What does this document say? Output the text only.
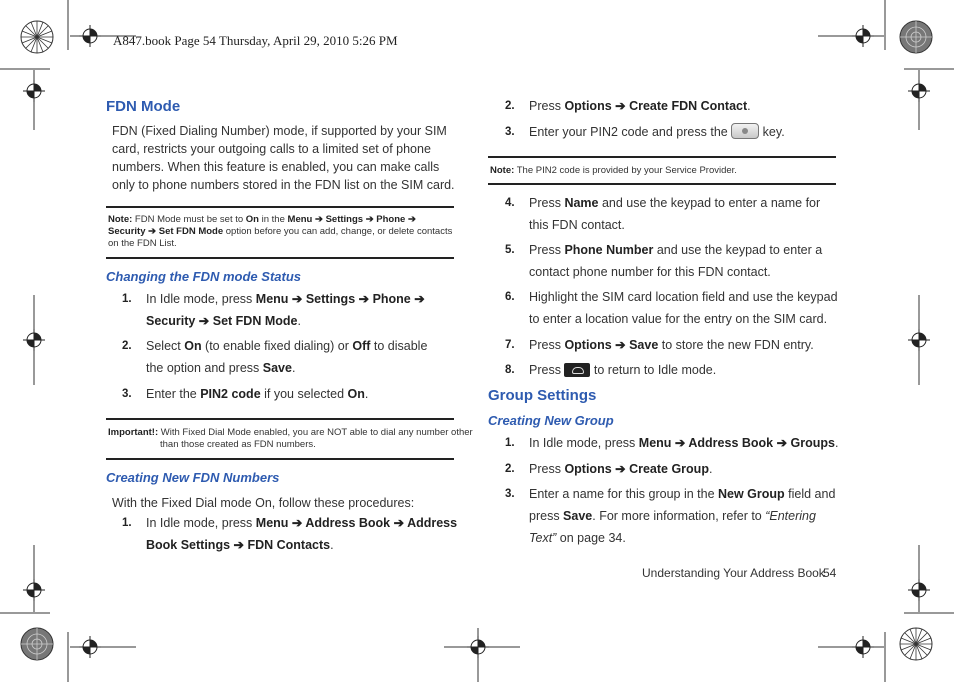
A847.book Page 54 Thursday, April 29, 2010 5:26 PM
FDN Mode
FDN (Fixed Dialing Number) mode, if supported by your SIM card, restricts your outgoing calls to a limited set of phone numbers. When this feature is enabled, you can make calls only to phone numbers stored in the FDN list on the SIM card.
Note: FDN Mode must be set to On in the Menu ➔ Settings ➔ Phone ➔ Security ➔ Set FDN Mode option before you can add, change, or delete contacts on the FDN List.
Changing the FDN mode Status
1. In Idle mode, press Menu ➔ Settings ➔ Phone ➔ Security ➔ Set FDN Mode.
2. Select On (to enable fixed dialing) or Off to disable the option and press Save.
3. Enter the PIN2 code if you selected On.
Important!: With Fixed Dial Mode enabled, you are NOT able to dial any number other than those created as FDN numbers.
Creating New FDN Numbers
With the Fixed Dial mode On, follow these procedures:
1. In Idle mode, press Menu ➔ Address Book ➔ Address Book Settings ➔ FDN Contacts.
2. Press Options ➔ Create FDN Contact.
3. Enter your PIN2 code and press the  key.
Note: The PIN2 code is provided by your Service Provider.
4. Press Name and use the keypad to enter a name for this FDN contact.
5. Press Phone Number and use the keypad to enter a contact phone number for this FDN contact.
6. Highlight the SIM card location field and use the keypad to enter a location value for the entry on the SIM card.
7. Press Options ➔ Save to store the new FDN entry.
8. Press  to return to Idle mode.
Group Settings
Creating New Group
1. In Idle mode, press Menu ➔ Address Book ➔ Groups.
2. Press Options ➔ Create Group.
3. Enter a name for this group in the New Group field and press Save. For more information, refer to “Entering Text” on page 34.
Understanding Your Address Book
54
